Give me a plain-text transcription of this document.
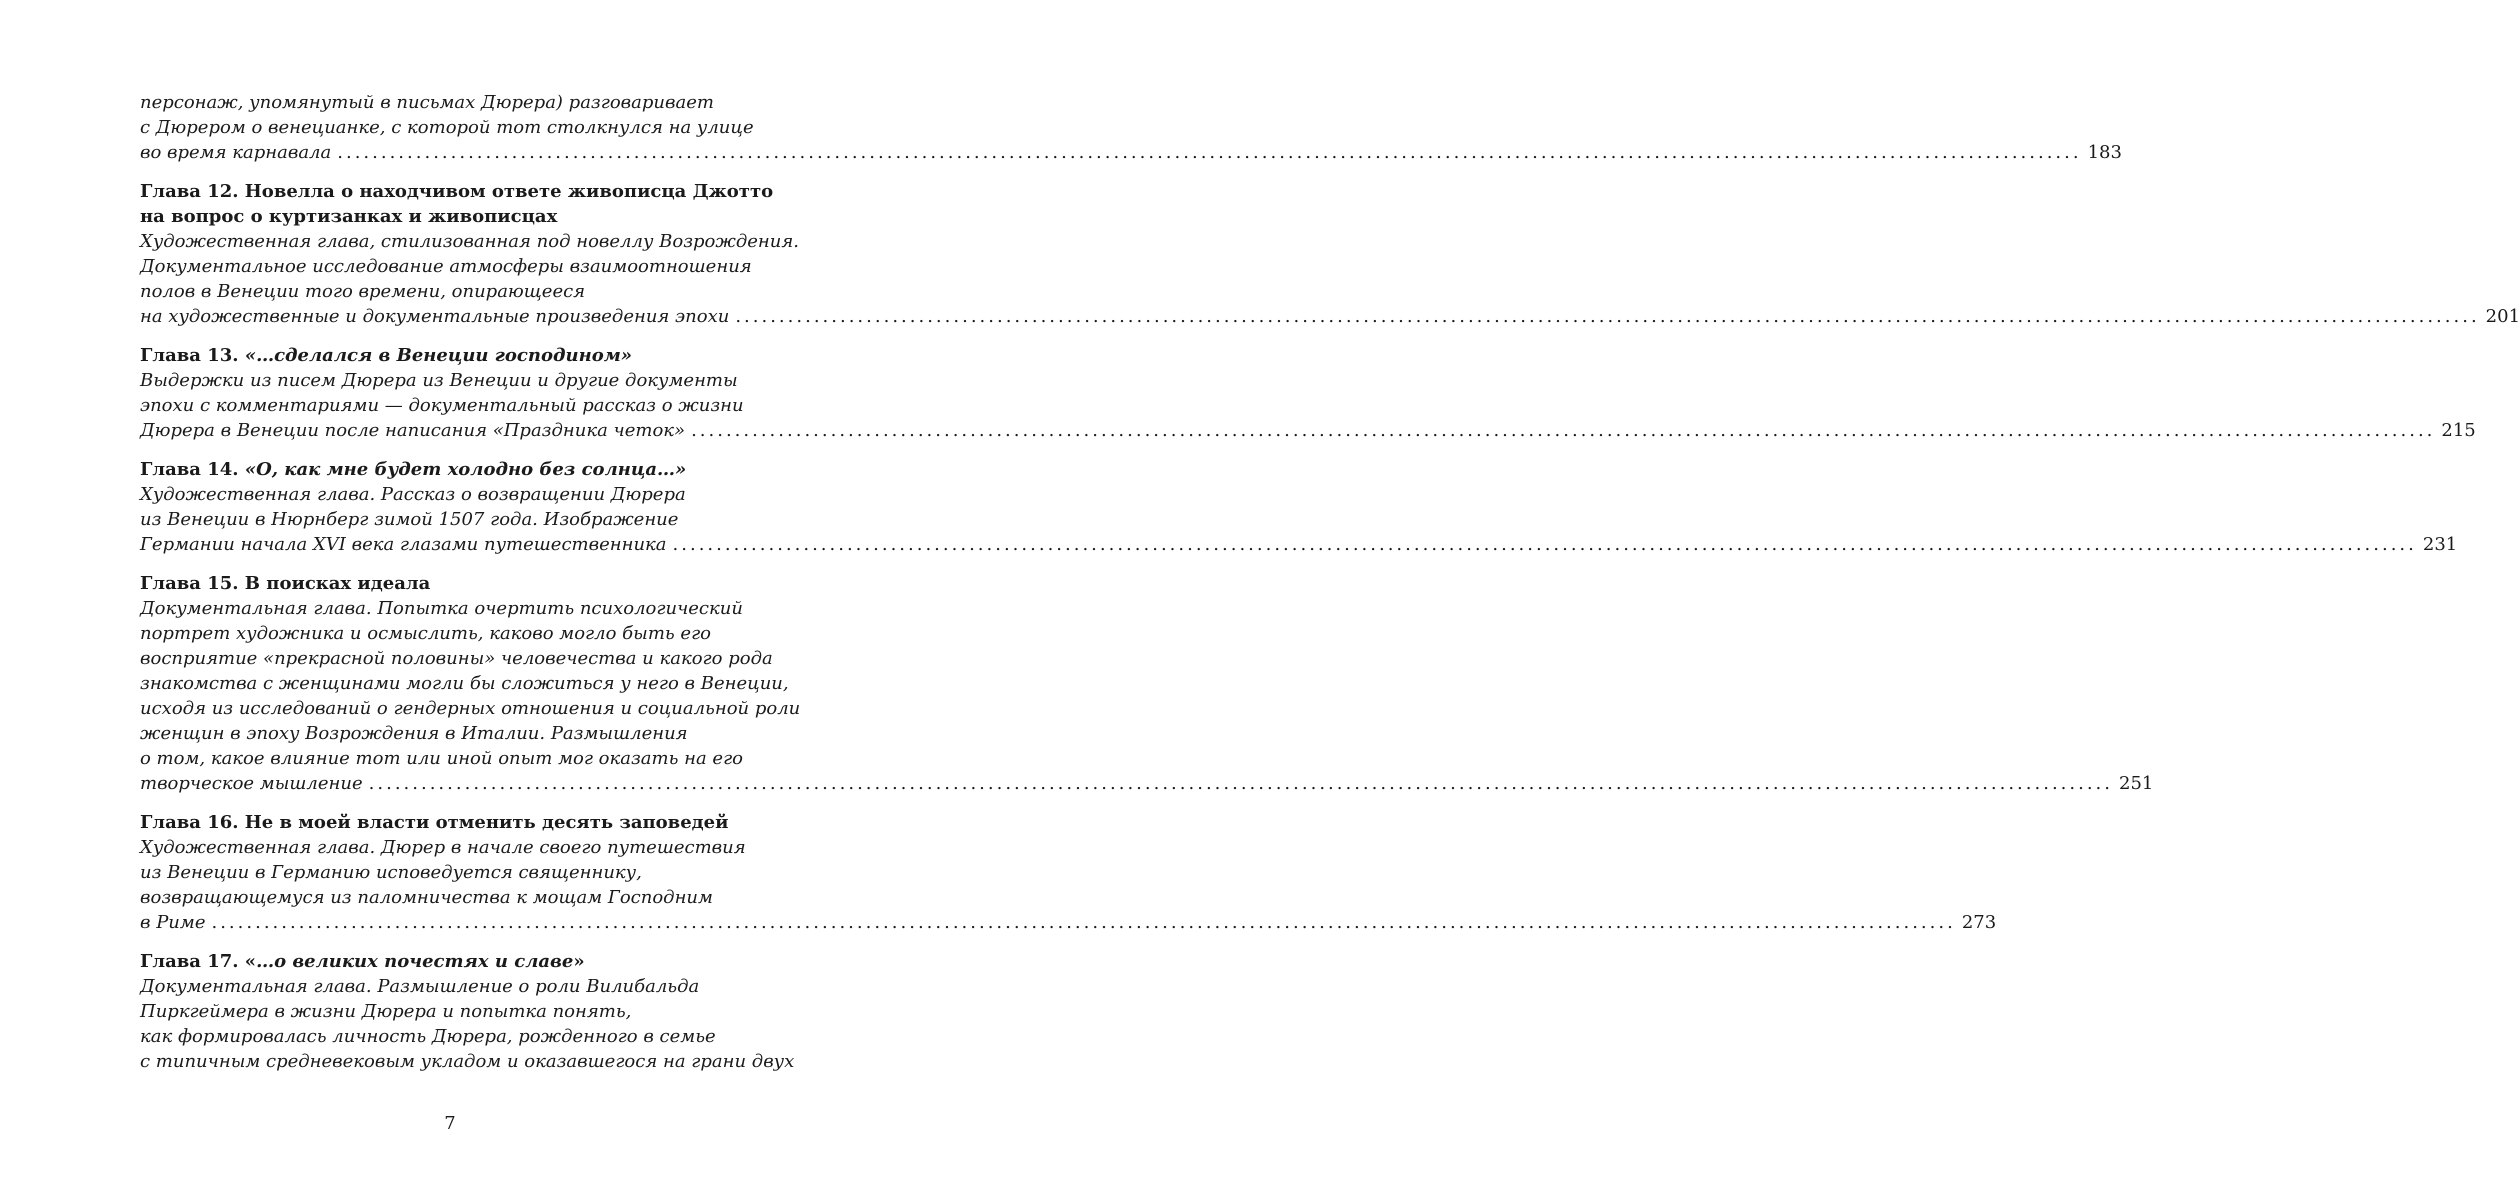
персонаж, упомянутый в письмах Дюрера) разговаривает
с Дюрером о венецианке, с которой тот столкнулся на улице
во время карнавала ........................................................................................................................................................................................................ 183
Глава 12. Новелла о находчивом ответе живописца Джотто
на вопрос о куртизанках и живописцах
Художественная глава, стилизованная под новеллу Возрождения.
Документальное исследование атмосферы взаимоотношения
полов в Венеции того времени, опирающееся
на художественные и документальные произведения эпохи ........................................................................................................................................................................................................ 201
Глава 13. «…сделался в Венеции господином»
Выдержки из писем Дюрера из Венеции и другие документы
эпохи с комментариями — документальный рассказ о жизни
Дюрера в Венеции после написания «Праздника четок» ........................................................................................................................................................................................................ 215
Глава 14. «О, как мне будет холодно без солнца…»
Художественная глава. Рассказ о возвращении Дюрера
из Венеции в Нюрнберг зимой 1507 года. Изображение
Германии начала XVI века глазами путешественника ........................................................................................................................................................................................................ 231
Глава 15. В поисках идеала
Документальная глава. Попытка очертить психологический
портрет художника и осмыслить, каково могло быть его
восприятие «прекрасной половины» человечества и какого рода
знакомства с женщинами могли бы сложиться у него в Венеции,
исходя из исследований о гендерных отношения и социальной роли
женщин в эпоху Возрождения в Италии. Размышления
о том, какое влияние тот или иной опыт мог оказать на его
творческое мышление ........................................................................................................................................................................................................ 251
Глава 16. Не в моей власти отменить десять заповедей
Художественная глава. Дюрер в начале своего путешествия
из Венеции в Германию исповедуется священнику,
возвращающемуся из паломничества к мощам Господним
в Риме ........................................................................................................................................................................................................ 273
Глава 17. «…о великих почестях и славе»
Документальная глава. Размышление о роли Вилибальда
Пиркгеймера в жизни Дюрера и попытка понять,
как формировалась личность Дюрера, рожденного в семье
с типичным средневековым укладом и оказавшегося на грани двух
7
